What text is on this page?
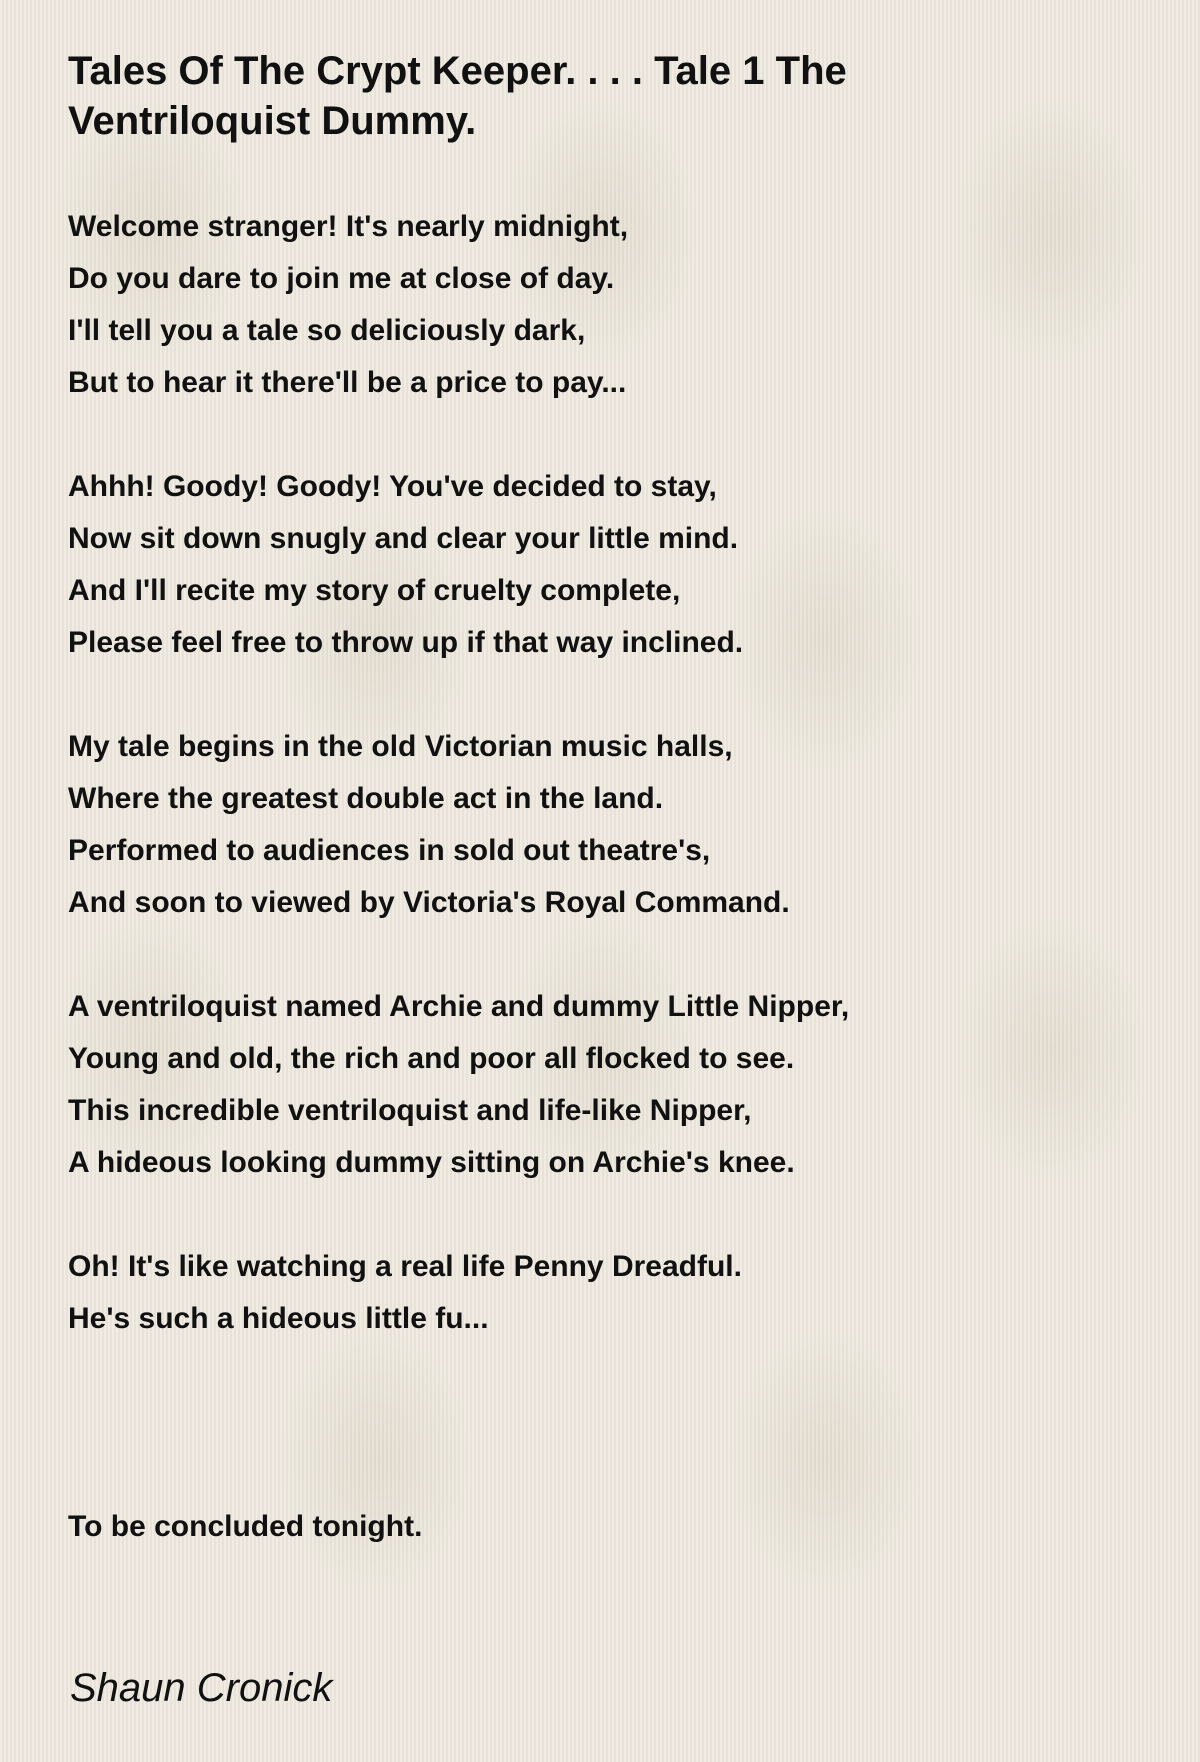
Tales Of The Crypt Keeper. . . . Tale 1 The Ventriloquist Dummy.
Welcome stranger! It's nearly midnight,
Do you dare to join me at close of day.
I'll tell you a tale so deliciously dark,
But to hear it there'll be a price to pay...
Ahhh! Goody! Goody! You've decided to stay,
Now sit down snugly and clear your little mind.
And I'll recite my story of cruelty complete,
Please feel free to throw up if that way inclined.
My tale begins in the old Victorian music halls,
Where the greatest double act in the land.
Performed to audiences in sold out theatre's,
And soon to viewed by Victoria's Royal Command.
A ventriloquist named Archie and dummy Little Nipper,
Young and old, the rich and poor all flocked to see.
This incredible ventriloquist and life-like Nipper,
A hideous looking dummy sitting on Archie's knee.
Oh! It's like watching a real life Penny Dreadful.
He's such a hideous little fu...
To be concluded tonight.
Shaun Cronick
